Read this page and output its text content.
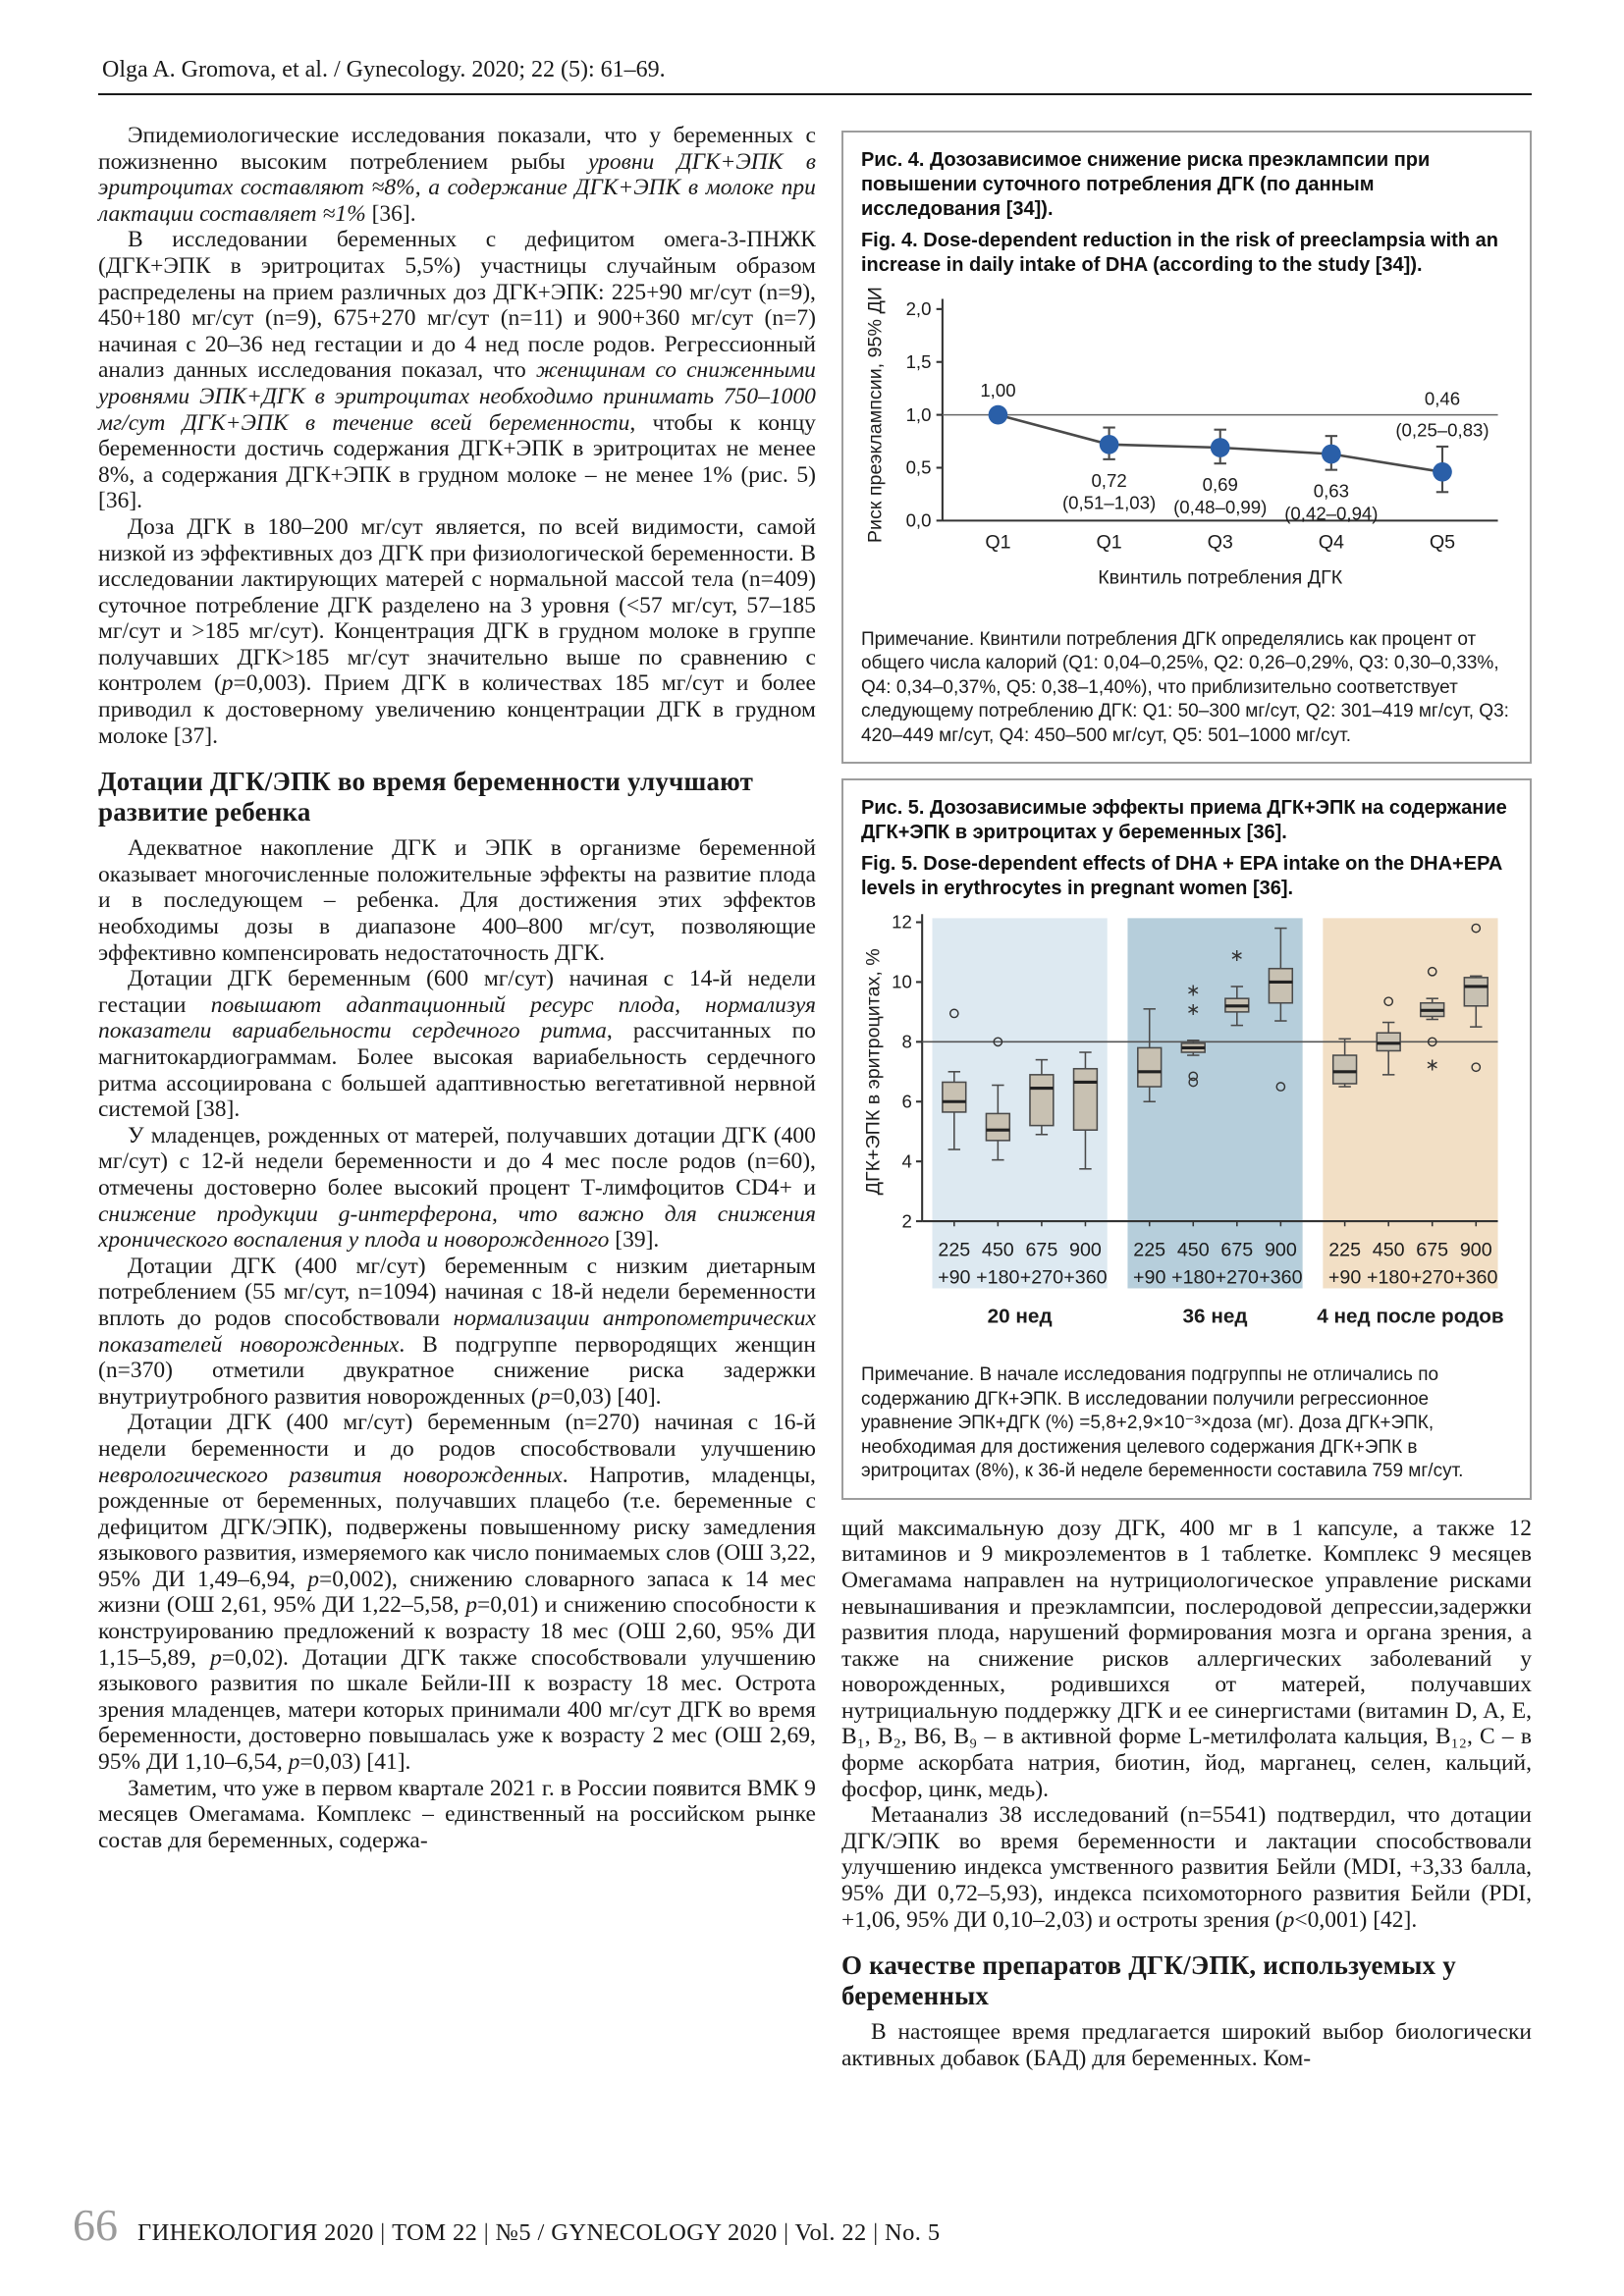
Olga A. Gromova, et al. / Gynecology. 2020; 22 (5): 61–69.

Эпидемиологические исследования показали, что у беременных с пожизненно высоким потреблением рыбы уровни ДГК+ЭПК в эритроцитах составляют ≈8%, а содержание ДГК+ЭПК в молоке при лактации составляет ≈1% [36].

В исследовании беременных с дефицитом омега-3-ПНЖК (ДГК+ЭПК в эритроцитах 5,5%) участницы случайным образом распределены на прием различных доз ДГК+ЭПК: 225+90 мг/сут (n=9), 450+180 мг/сут (n=9), 675+270 мг/сут (n=11) и 900+360 мг/сут (n=7) начиная с 20–36 нед гестации и до 4 нед после родов. Регрессионный анализ данных исследования показал, что женщинам со сниженными уровнями ЭПК+ДГК в эритроцитах необходимо принимать 750–1000 мг/сут ДГК+ЭПК в течение всей беременности, чтобы к концу беременности достичь содержания ДГК+ЭПК в эритроцитах не менее 8%, а содержания ДГК+ЭПК в грудном молоке – не менее 1% (рис. 5) [36].

Доза ДГК в 180–200 мг/сут является, по всей видимости, самой низкой из эффективных доз ДГК при физиологической беременности. В исследовании лактирующих матерей с нормальной массой тела (n=409) суточное потребление ДГК разделено на 3 уровня (<57 мг/сут, 57–185 мг/сут и >185 мг/сут). Концентрация ДГК в грудном молоке в группе получавших ДГК>185 мг/сут значительно выше по сравнению с контролем (p=0,003). Прием ДГК в количествах 185 мг/сут и более приводил к достоверному увеличению концентрации ДГК в грудном молоке [37].

Дотации ДГК/ЭПК во время беременности улучшают развитие ребенка

Адекватное накопление ДГК и ЭПК в организме беременной оказывает многочисленные положительные эффекты на развитие плода и в последующем – ребенка. Для достижения этих эффектов необходимы дозы в диапазоне 400–800 мг/сут, позволяющие эффективно компенсировать недостаточность ДГК.

Дотации ДГК беременным (600 мг/сут) начиная с 14-й недели гестации повышают адаптационный ресурс плода, нормализуя показатели вариабельности сердечного ритма, рассчитанных по магнитокардиограммам. Более высокая вариабельность сердечного ритма ассоциирована с большей адаптивностью вегетативной нервной системой [38].

У младенцев, рожденных от матерей, получавших дотации ДГК (400 мг/сут) с 12-й недели беременности и до 4 мес после родов (n=60), отмечены достоверно более высокий процент Т-лимфоцитов CD4+ и снижение продукции g-интерферона, что важно для снижения хронического воспаления у плода и новорожденного [39].

Дотации ДГК (400 мг/сут) беременным с низким диетарным потреблением (55 мг/сут, n=1094) начиная с 18-й недели беременности вплоть до родов способствовали нормализации антропометрических показателей новорожденных. В подгруппе первородящих женщин (n=370) отметили двукратное снижение риска задержки внутриутробного развития новорожденных (p=0,03) [40].

Дотации ДГК (400 мг/сут) беременным (n=270) начиная с 16-й недели беременности и до родов способствовали улучшению неврологического развития новорожденных. Напротив, младенцы, рожденные от беременных, получавших плацебо (т.е. беременные с дефицитом ДГК/ЭПК), подвержены повышенному риску замедления языкового развития, измеряемого как число понимаемых слов (ОШ 3,22, 95% ДИ 1,49–6,94, p=0,002), снижению словарного запаса к 14 мес жизни (ОШ 2,61, 95% ДИ 1,22–5,58, p=0,01) и снижению способности к конструированию предложений к возрасту 18 мес (ОШ 2,60, 95% ДИ 1,15–5,89, p=0,02). Дотации ДГК также способствовали улучшению языкового развития по шкале Бейли-III к возрасту 18 мес. Острота зрения младенцев, матери которых принимали 400 мг/сут ДГК во время беременности, достоверно повышалась уже к возрасту 2 мес (ОШ 2,69, 95% ДИ 1,10–6,54, p=0,03) [41].

Заметим, что уже в первом квартале 2021 г. в России появится ВМК 9 месяцев Омегамама. Комплекс – единственный на российском рынке состав для беременных, содержа-

Рис. 4. Дозозависимое снижение риска преэклампсии при повышении суточного потребления ДГК (по данным исследования [34]).
Fig. 4. Dose-dependent reduction in the risk of preeclampsia with an increase in daily intake of DHA (according to the study [34]).
0,0
0,5
1,0
1,5
2,0
1,00
0,72
(0,51–1,03)
0,69
(0,48–0,99)
0,63
(0,42–0,94)
0,46
(0,25–0,83)
Q1	Q1	Q3	Q4	Q5
Квинтиль потребления ДГК
Риск преэклампсии, 95% ДИ
Примечание. Квинтили потребления ДГК определялись как процент от общего числа калорий (Q1: 0,04–0,25%, Q2: 0,26–0,29%, Q3: 0,30–0,33%, Q4: 0,34–0,37%, Q5: 0,38–1,40%), что приблизительно соответствует следующему потреблению ДГК: Q1: 50–300 мг/сут, Q2: 301–419 мг/сут, Q3: 420–449 мг/сут, Q4: 450–500 мг/сут, Q5: 501–1000 мг/сут.
Рис. 5. Дозозависимые эффекты приема ДГК+ЭПК на содержание ДГК+ЭПК в эритроцитах у беременных [36].
Fig. 5. Dose-dependent effects of DHA + EPA intake on the DHA+EPA levels in erythrocytes in pregnant women [36].
2
4
6
8
10
12
225
+90
450
+180
675
+270
900
+360
20 нед
225
+90
∗
∗
450
+180
∗
675
+270
900
+360
36 нед
225
+90
450
+180
∗
675
+270
900
+360
4 нед после родов
ДГК+ЭПК в эритроцитах, %
Примечание. В начале исследования подгруппы не отличались по содержанию ДГК+ЭПК. В исследовании получили регрессионное уравнение ЭПК+ДГК (%) =5,8+2,9×10⁻³×доза (мг). Доза ДГК+ЭПК, необходимая для достижения целевого содержания ДГК+ЭПК в эритроцитах (8%), к 36-й неделе беременности составила 759 мг/сут.

щий максимальную дозу ДГК, 400 мг в 1 капсуле, а также 12 витаминов и 9 микроэлементов в 1 таблетке. Комплекс 9 месяцев Омегамама направлен на нутрициологическое управление рисками невынашивания и преэклампсии, послеродовой депрессии,задержки развития плода, нарушений формирования мозга и органа зрения, а также на снижение рисков аллергических заболеваний у новорожденных, родившихся от матерей, получавших нутрициальную поддержку ДГК и ее синергистами (витамин D, A, E, B₁, B₂, B6, B₉ – в активной форме L-метилфолата кальция, B₁₂, C – в форме аскорбата натрия, биотин, йод, марганец, селен, кальций, фосфор, цинк, медь).

Метаанализ 38 исследований (n=5541) подтвердил, что дотации ДГК/ЭПК во время беременности и лактации способствовали улучшению индекса умственного развития Бейли (MDI, +3,33 балла, 95% ДИ 0,72–5,93), индекса психомоторного развития Бейли (PDI, +1,06, 95% ДИ 0,10–2,03) и остроты зрения (p<0,001) [42].

О качестве препаратов ДГК/ЭПК, используемых у беременных

В настоящее время предлагается широкий выбор биологически активных добавок (БАД) для беременных. Ком-

66 ГИНЕКОЛОГИЯ 2020 | ТОМ 22 | №5 / GYNECOLOGY 2020 | Vol. 22 | No. 5
